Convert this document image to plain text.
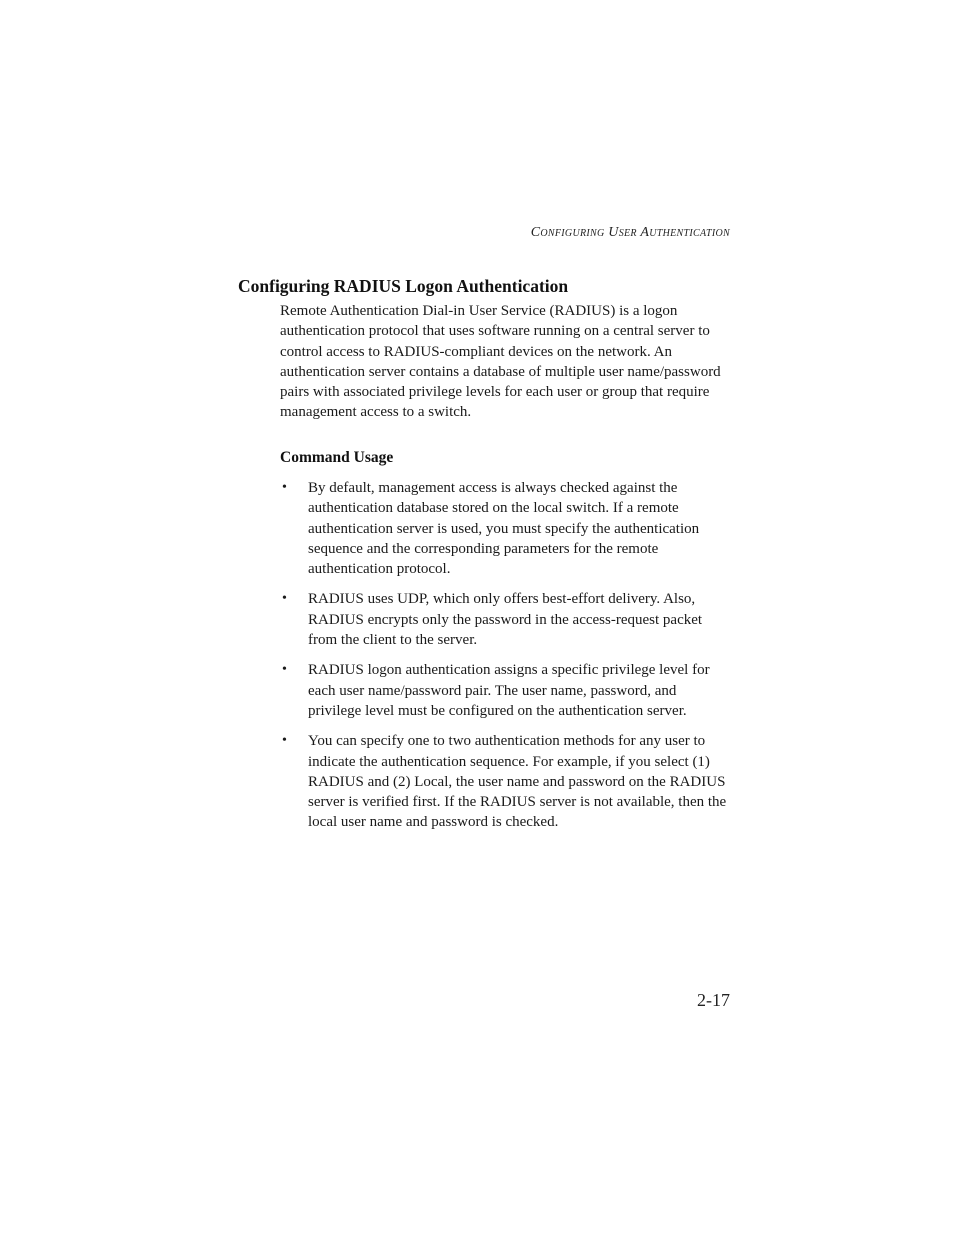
Configuring User Authentication
Configuring RADIUS Logon Authentication

Remote Authentication Dial-in User Service (RADIUS) is a logon authentication protocol that uses software running on a central server to control access to RADIUS-compliant devices on the network. An authentication server contains a database of multiple user name/password pairs with associated privilege levels for each user or group that require management access to a switch.

Command Usage
• By default, management access is always checked against the authentication database stored on the local switch. If a remote authentication server is used, you must specify the authentication sequence and the corresponding parameters for the remote authentication protocol.
• RADIUS uses UDP, which only offers best-effort delivery. Also, RADIUS encrypts only the password in the access-request packet from the client to the server.
• RADIUS logon authentication assigns a specific privilege level for each user name/password pair. The user name, password, and privilege level must be configured on the authentication server.
• You can specify one to two authentication methods for any user to indicate the authentication sequence. For example, if you select (1) RADIUS and (2) Local, the user name and password on the RADIUS server is verified first. If the RADIUS server is not available, then the local user name and password is checked.
2-17
